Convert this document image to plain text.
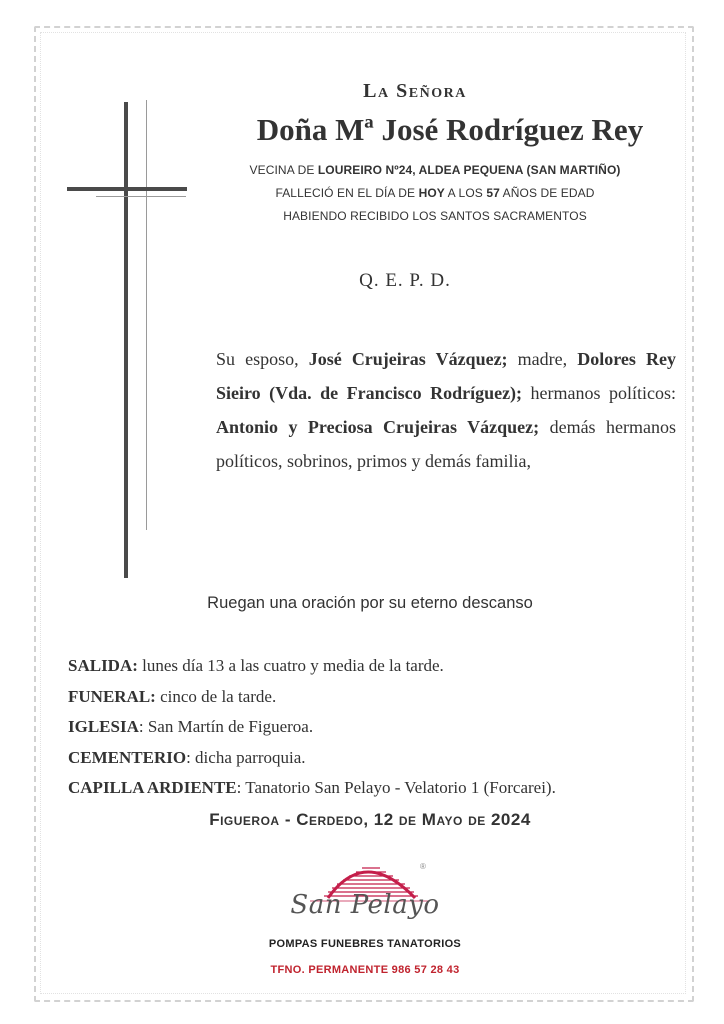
La Señora
Doña Mª José Rodríguez Rey
VECINA DE LOUREIRO Nº24, ALDEA PEQUENA (SAN MARTIÑO)
FALLECIÓ EN EL DÍA DE HOY A LOS 57 AÑOS DE EDAD
HABIENDO RECIBIDO LOS SANTOS SACRAMENTOS
Q. E. P. D.
Su esposo, José Crujeiras Vázquez; madre, Dolores Rey Sieiro (Vda. de Francisco Rodríguez); hermanos políticos: Antonio y Preciosa Crujeiras Vázquez; demás hermanos políticos, sobrinos, primos y demás familia,
Ruegan una oración por su eterno descanso
SALIDA: lunes día 13 a las cuatro y media de la tarde.
FUNERAL: cinco de la tarde.
IGLESIA: San Martín de Figueroa.
CEMENTERIO: dicha parroquia.
CAPILLA ARDIENTE: Tanatorio San Pelayo - Velatorio 1 (Forcarei).
Figueroa - Cerdedo, 12 de Mayo de 2024
®
San Pelayo
POMPAS FUNEBRES TANATORIOS
TFNO. PERMANENTE 986 57 28 43
